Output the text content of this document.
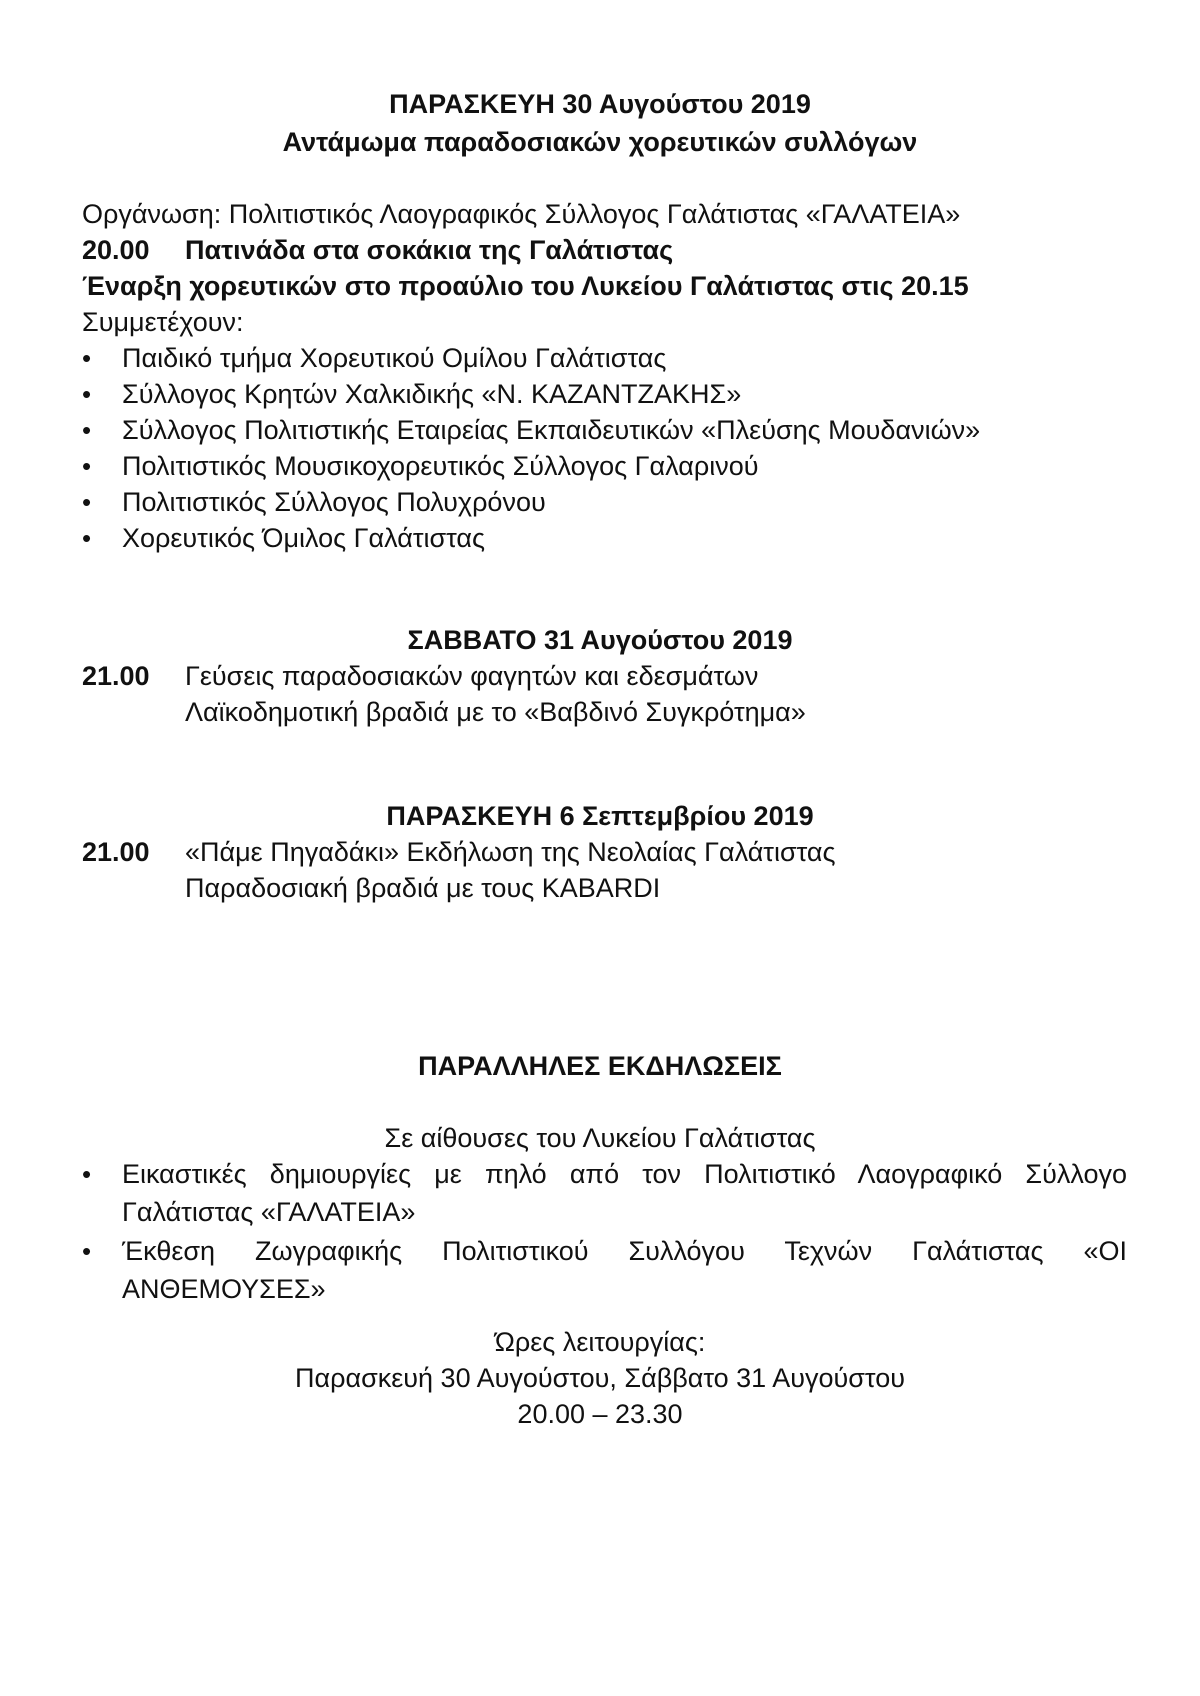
ΠΑΡΑΣΚΕΥΗ 30 Αυγούστου 2019
Αντάμωμα παραδοσιακών χορευτικών συλλόγων
Οργάνωση: Πολιτιστικός Λαογραφικός Σύλλογος Γαλάτιστας «ΓΑΛΑΤΕΙΑ»
20.00 Πατινάδα στα σοκάκια της Γαλάτιστας
Έναρξη χορευτικών στο προαύλιο του Λυκείου Γαλάτιστας στις 20.15
Συμμετέχουν:
• Παιδικό τμήμα Χορευτικού Ομίλου Γαλάτιστας
• Σύλλογος Κρητών Χαλκιδικής «Ν. ΚΑΖΑΝΤΖΑΚΗΣ»
• Σύλλογος Πολιτιστικής Εταιρείας Εκπαιδευτικών «Πλεύσης Μουδανιών»
• Πολιτιστικός Μουσικοχορευτικός Σύλλογος Γαλαρινού
• Πολιτιστικός Σύλλογος Πολυχρόνου
• Χορευτικός Όμιλος Γαλάτιστας
ΣΑΒΒΑΤΟ 31 Αυγούστου 2019
21.00 Γεύσεις παραδοσιακών φαγητών και εδεσμάτων
Λαϊκοδημοτική βραδιά με το «Βαβδινό Συγκρότημα»
ΠΑΡΑΣΚΕΥΗ 6 Σεπτεμβρίου 2019
21.00 «Πάμε Πηγαδάκι» Εκδήλωση της Νεολαίας Γαλάτιστας
Παραδοσιακή βραδιά με τους KABARDI
ΠΑΡΑΛΛΗΛΕΣ ΕΚΔΗΛΩΣΕΙΣ
Σε αίθουσες του Λυκείου Γαλάτιστας
• Εικαστικές δημιουργίες με πηλό από τον Πολιτιστικό Λαογραφικό Σύλλογο Γαλάτιστας «ΓΑΛΑΤΕΙΑ»
• Έκθεση Ζωγραφικής Πολιτιστικού Συλλόγου Τεχνών Γαλάτιστας «ΟΙ ΑΝΘΕΜΟΥΣΕΣ»
Ώρες λειτουργίας:
Παρασκευή 30 Αυγούστου, Σάββατο 31 Αυγούστου
20.00 – 23.30
